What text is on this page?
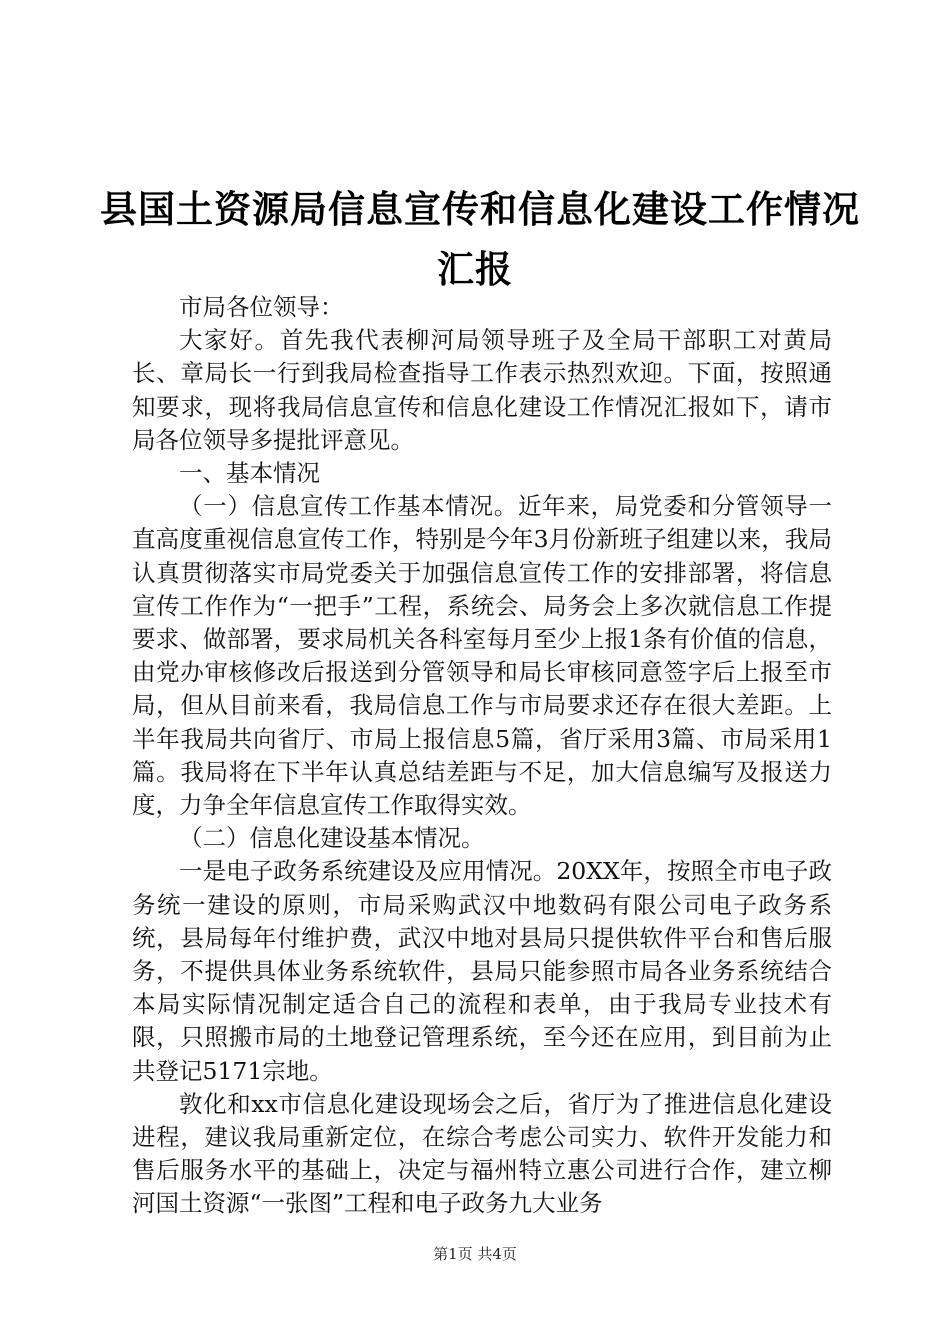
县国土资源局信息宣传和信息化建设工作情况
汇报

市局各位领导：

大家好。首先我代表柳河局领导班子及全局干部职工对黄局长、章局长一行到我局检查指导工作表示热烈欢迎。下面，按照通知要求，现将我局信息宣传和信息化建设工作情况汇报如下，请市局各位领导多提批评意见。

一、基本情况

（一）信息宣传工作基本情况。近年来，局党委和分管领导一直高度重视信息宣传工作，特别是今年3月份新班子组建以来，我局认真贯彻落实市局党委关于加强信息宣传工作的安排部署，将信息宣传工作作为“一把手”工程，系统会、局务会上多次就信息工作提要求、做部署，要求局机关各科室每月至少上报1条有价值的信息，由党办审核修改后报送到分管领导和局长审核同意签字后上报至市局，但从目前来看，我局信息工作与市局要求还存在很大差距。上半年我局共向省厅、市局上报信息5篇，省厅采用3篇、市局采用1篇。我局将在下半年认真总结差距与不足，加大信息编写及报送力度，力争全年信息宣传工作取得实效。

（二）信息化建设基本情况。

一是电子政务系统建设及应用情况。20XX年，按照全市电子政务统一建设的原则，市局采购武汉中地数码有限公司电子政务系统，县局每年付维护费，武汉中地对县局只提供软件平台和售后服务，不提供具体业务系统软件，县局只能参照市局各业务系统结合本局实际情况制定适合自己的流程和表单，由于我局专业技术有限，只照搬市局的土地登记管理系统，至今还在应用，到目前为止共登记5171宗地。

敦化和xx市信息化建设现场会之后，省厅为了推进信息化建设进程，建议我局重新定位，在综合考虑公司实力、软件开发能力和售后服务水平的基础上，决定与福州特立惠公司进行合作，建立柳河国土资源“一张图”工程和电子政务九大业务

第1页 共4页
